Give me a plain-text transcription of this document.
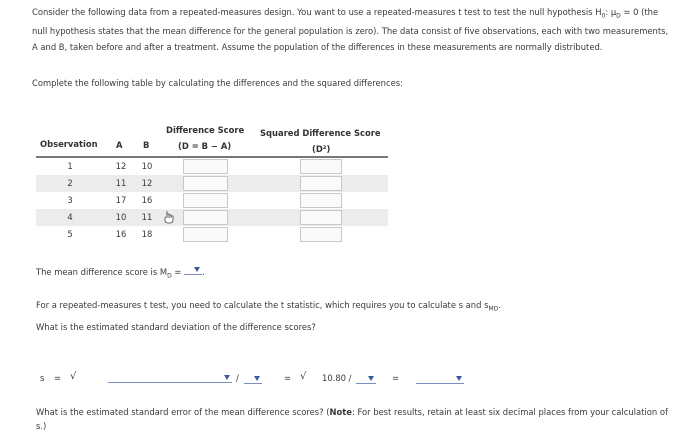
Consider the following data from a repeated-measures design. You want to use a repeated-measures t test to test the null hypothesis $H_0$: $\mu_D = 0$ (the
null hypothesis states that the mean difference for the general population is zero). The data consist of five observations, each with two measurements,
A and B, taken before and after a treatment. Assume the population of the differences in these measurements are normally distributed.
Complete the following table by calculating the differences and the squared differences:
Difference Score
(D = B − A)
Squared Difference Score
(D²)
Observation A B
1	12	10
2	11	12
3	17	16
4	10	11
5	16	18
The mean difference score is $M_D$ =
.
For a repeated-measures t test, you need to calculate the t statistic, which requires you to calculate s and $s_{MD}$.
What is the estimated standard deviation of the difference scores?
s = √	/	= √ 10.80 /	=
What is the estimated standard error of the mean difference scores? (Note: For best results, retain at least six decimal places from your calculation of
s.)
